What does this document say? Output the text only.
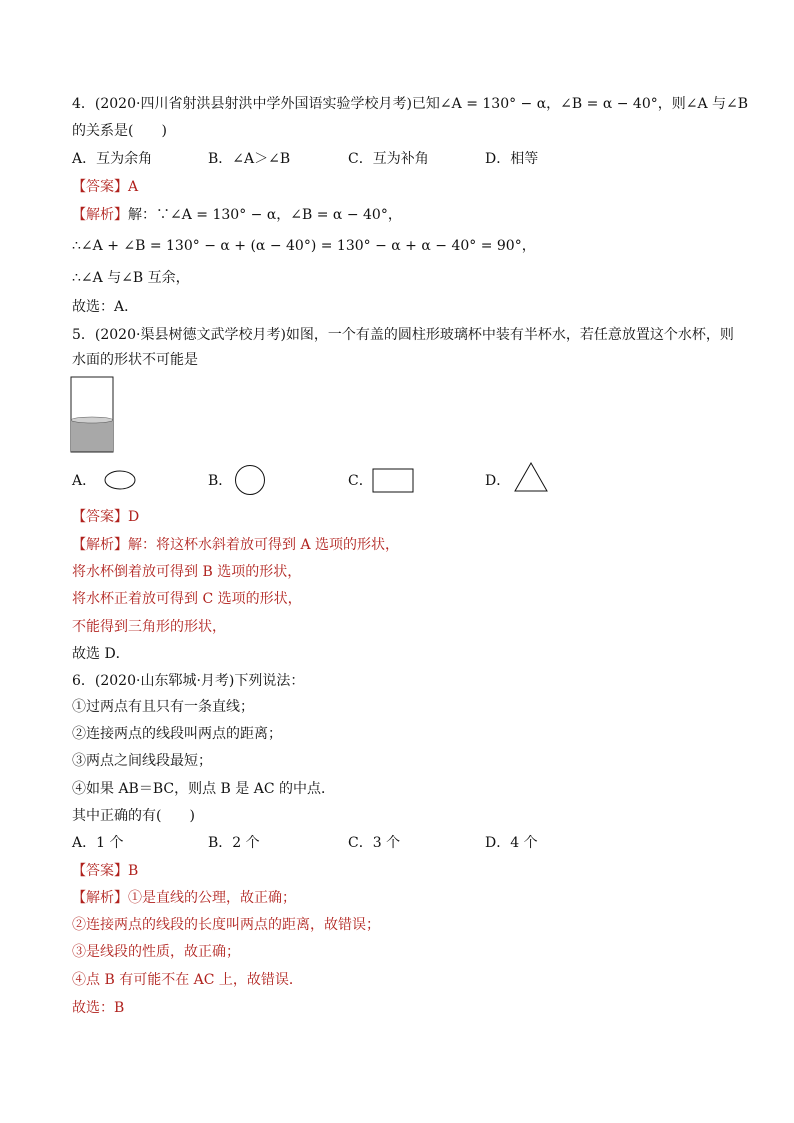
4．(2020·四川省射洪县射洪中学外国语实验学校月考)已知∠A = 130° − α，∠B = α − 40°，则∠A 与∠B
的关系是(　　)
A．互为余角	B．∠A＞∠B	C．互为补角	D．相等
【答案】A
【解析】解：∵∠A = 130° − α，∠B = α − 40°，
∴∠A + ∠B = 130° − α + (α − 40°) = 130° − α + α − 40° = 90°，
∴∠A 与∠B 互余，
故选：A．
5．(2020·渠县树德文武学校月考)如图，一个有盖的圆柱形玻璃杯中装有半杯水，若任意放置这个水杯，则
水面的形状不可能是
A．	B．	C．	D．
【答案】D
【解析】解：将这杯水斜着放可得到 A 选项的形状，
将水杯倒着放可得到 B 选项的形状，
将水杯正着放可得到 C 选项的形状，
不能得到三角形的形状，
故选 D．
6．(2020·山东郓城·月考)下列说法：
①过两点有且只有一条直线；
②连接两点的线段叫两点的距离；
③两点之间线段最短；
④如果 AB＝BC，则点 B 是 AC 的中点．
其中正确的有(　　)
A．1 个	B．2 个	C．3 个	D．4 个
【答案】B
【解析】①是直线的公理，故正确；
②连接两点的线段的长度叫两点的距离，故错误；
③是线段的性质，故正确；
④点 B 有可能不在 AC 上，故错误．
故选：B
